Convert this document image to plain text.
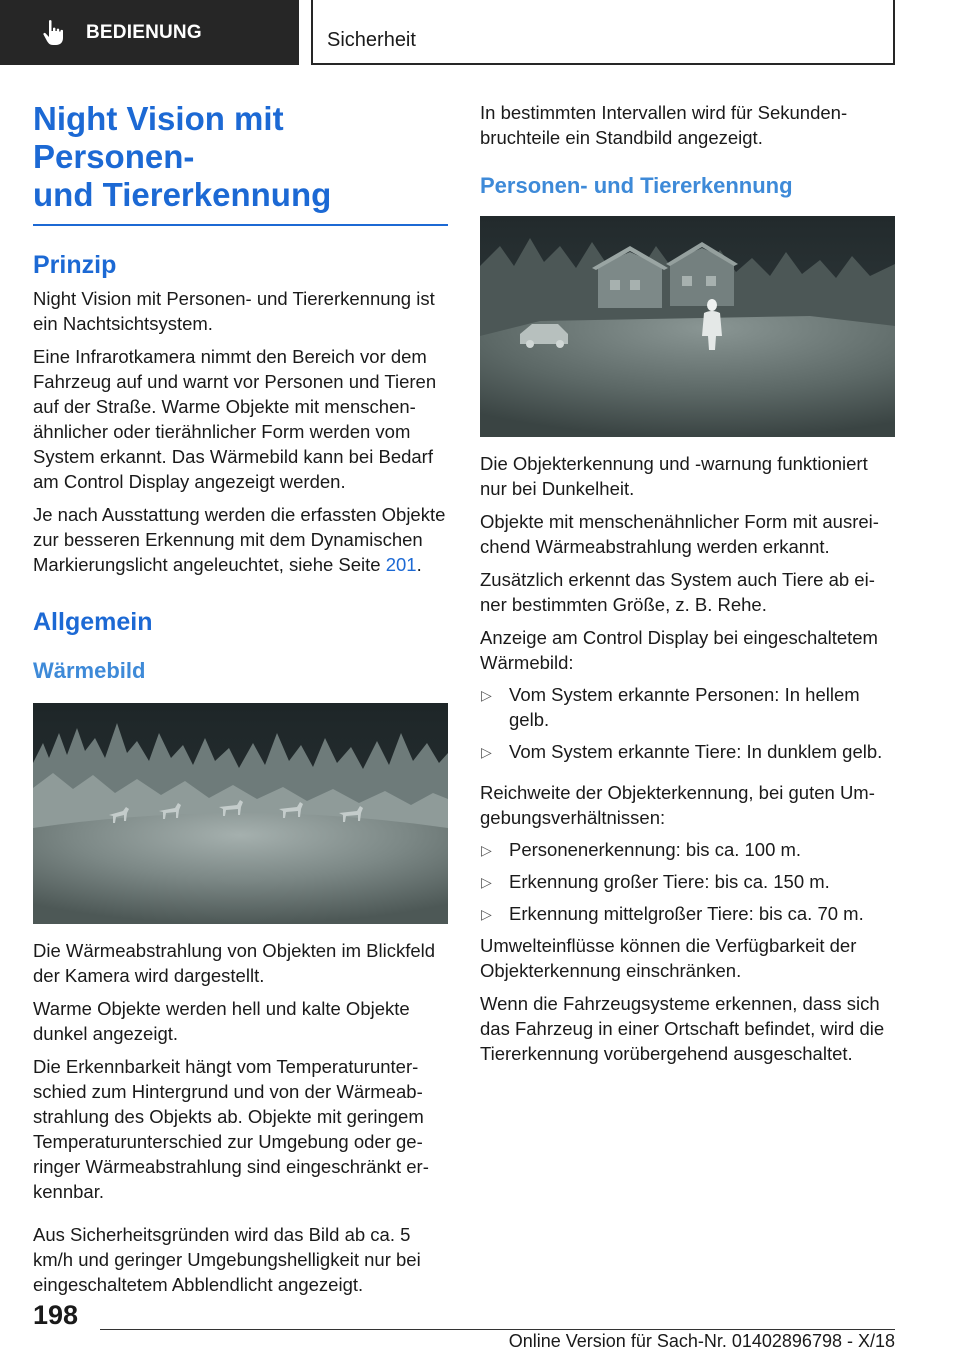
BEDIENUNG	Sicherheit
Night Vision mit Personen-
und Tiererkennung
Prinzip
Night Vision mit Personen- und Tiererkennung ist ein Nachtsichtsystem.
Eine Infrarotkamera nimmt den Bereich vor dem Fahrzeug auf und warnt vor Personen und Tieren auf der Straße. Warme Objekte mit menschenähnlicher oder tierähnlicher Form werden vom System erkannt. Das Wärmebild kann bei Bedarf am Control Display angezeigt werden.
Je nach Ausstattung werden die erfassten Objekte zur besseren Erkennung mit dem Dynamischen Markierungslicht angeleuchtet, siehe Seite 201.
Allgemein
Wärmebild
Die Wärmeabstrahlung von Objekten im Blickfeld der Kamera wird dargestellt.
Warme Objekte werden hell und kalte Objekte dunkel angezeigt.
Die Erkennbarkeit hängt vom Temperaturunterschied zum Hintergrund und von der Wärmeabstrahlung des Objekts ab. Objekte mit geringem Temperaturunterschied zur Umgebung oder geringer Wärmeabstrahlung sind eingeschränkt erkennbar.
Aus Sicherheitsgründen wird das Bild ab ca. 5 km/h und geringer Umgebungshelligkeit nur bei eingeschaltetem Abblendlicht angezeigt.
In bestimmten Intervallen wird für Sekundenbruchteile ein Standbild angezeigt.
Personen- und Tiererkennung
Die Objekterkennung und -warnung funktioniert nur bei Dunkelheit.
Objekte mit menschenähnlicher Form mit ausreichend Wärmeabstrahlung werden erkannt.
Zusätzlich erkennt das System auch Tiere ab einer bestimmten Größe, z. B. Rehe.
Anzeige am Control Display bei eingeschaltetem Wärmebild:
▷ Vom System erkannte Personen: In hellem gelb.
▷ Vom System erkannte Tiere: In dunklem gelb.
Reichweite der Objekterkennung, bei guten Umgebungsverhältnissen:
▷ Personenerkennung: bis ca. 100 m.
▷ Erkennung großer Tiere: bis ca. 150 m.
▷ Erkennung mittelgroßer Tiere: bis ca. 70 m.
Umwelteinflüsse können die Verfügbarkeit der Objekterkennung einschränken.
Wenn die Fahrzeugsysteme erkennen, dass sich das Fahrzeug in einer Ortschaft befindet, wird die Tiererkennung vorübergehend ausgeschaltet.
198
Online Version für Sach-Nr. 01402896798 - X/18
